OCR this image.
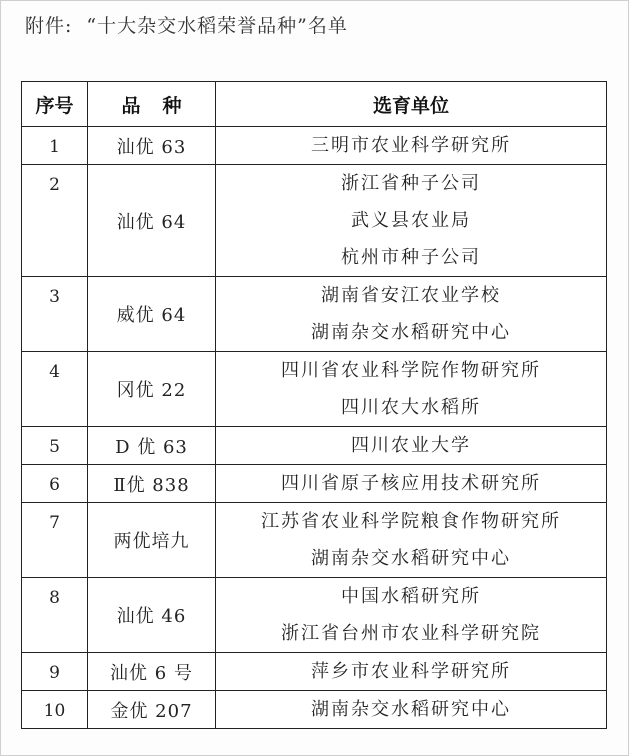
附件: “十大杂交水稻荣誉品种”名单
序号	品种	选育单位

1	汕优 63	三明市农业科学研究所

2	汕优 64	浙江省种子公司
武义县农业局
杭州市种子公司

3	威优 64	湖南省安江农业学校
湖南杂交水稻研究中心

4	冈优 22	四川省农业科学院作物研究所
四川农大水稻所

5	D 优 63	四川农业大学

6	Ⅱ优 838	四川省原子核应用技术研究所

7	两优培九	江苏省农业科学院粮食作物研究所
湖南杂交水稻研究中心

8	汕优 46	中国水稻研究所
浙江省台州市农业科学研究院

9	汕优 6 号	萍乡市农业科学研究所

10	金优 207	湖南杂交水稻研究中心
